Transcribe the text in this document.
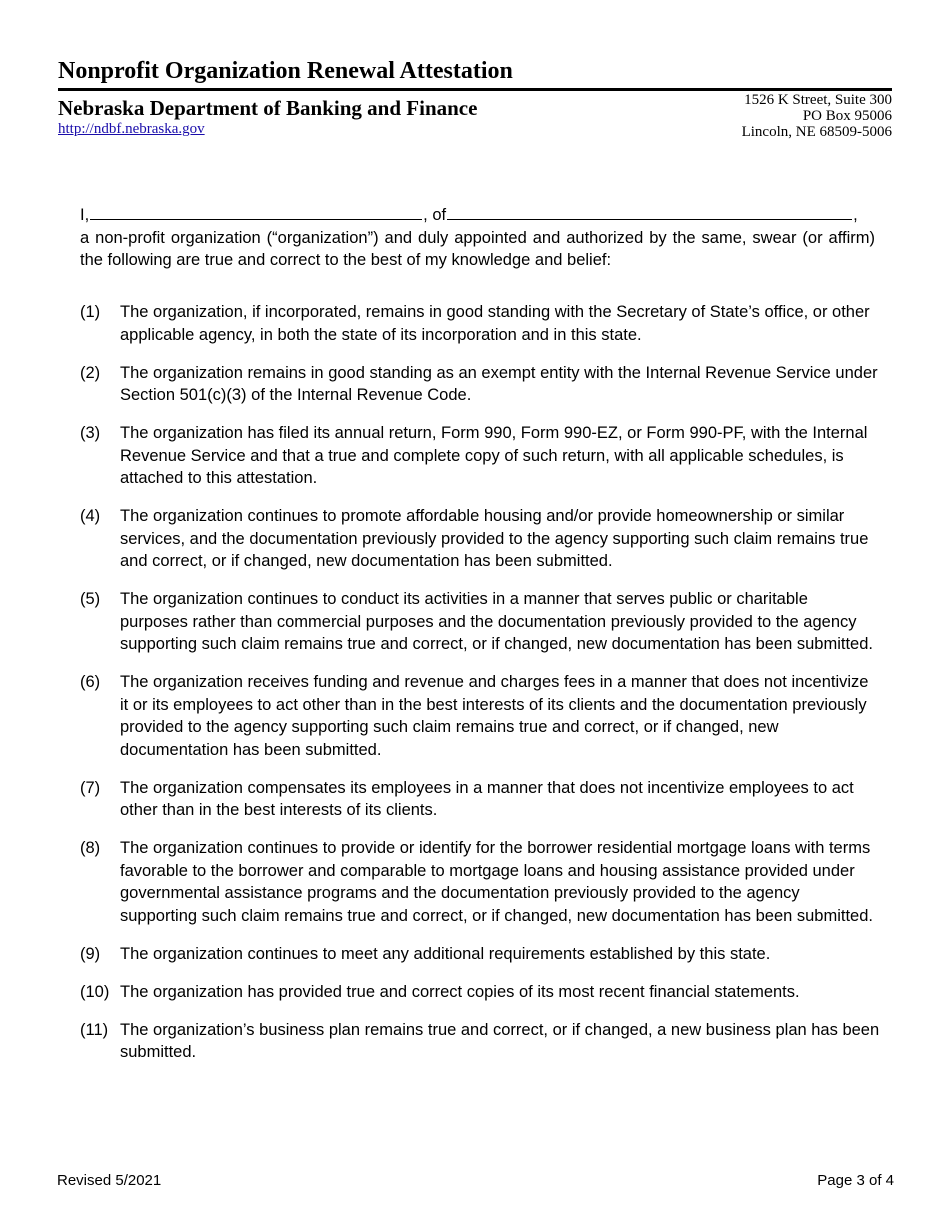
Nonprofit Organization Renewal Attestation
Nebraska Department of Banking and Finance
http://ndbf.nebraska.gov
1526 K Street, Suite 300
PO Box 95006
Lincoln, NE 68509-5006
I,	, of	,
a non-profit organization (“organization”) and duly appointed and authorized by the same, swear (or affirm) the following are true and correct to the best of my knowledge and belief:
(1)	The organization, if incorporated, remains in good standing with the Secretary of State’s office, or other applicable agency, in both the state of its incorporation and in this state.
(2)	The organization remains in good standing as an exempt entity with the Internal Revenue Service under Section 501(c)(3) of the Internal Revenue Code.
(3)	The organization has filed its annual return, Form 990, Form 990-EZ, or Form 990-PF, with the Internal Revenue Service and that a true and complete copy of such return, with all applicable schedules, is attached to this attestation.
(4)	The organization continues to promote affordable housing and/or provide homeownership or similar services, and the documentation previously provided to the agency supporting such claim remains true and correct, or if changed, new documentation has been submitted.
(5)	The organization continues to conduct its activities in a manner that serves public or charitable purposes rather than commercial purposes and the documentation previously provided to the agency supporting such claim remains true and correct, or if changed, new documentation has been submitted.
(6)	The organization receives funding and revenue and charges fees in a manner that does not incentivize it or its employees to act other than in the best interests of its clients and the documentation previously provided to the agency supporting such claim remains true and correct, or if changed, new documentation has been submitted.
(7)	The organization compensates its employees in a manner that does not incentivize employees to act other than in the best interests of its clients.
(8)	The organization continues to provide or identify for the borrower residential mortgage loans with terms favorable to the borrower and comparable to mortgage loans and housing assistance provided under governmental assistance programs and the documentation previously provided to the agency supporting such claim remains true and correct, or if changed, new documentation has been submitted.
(9)	The organization continues to meet any additional requirements established by this state.
(10) The organization has provided true and correct copies of its most recent financial statements.
(11) The organization’s business plan remains true and correct, or if changed, a new business plan has been submitted.
Revised 5/2021	Page 3 of 4
